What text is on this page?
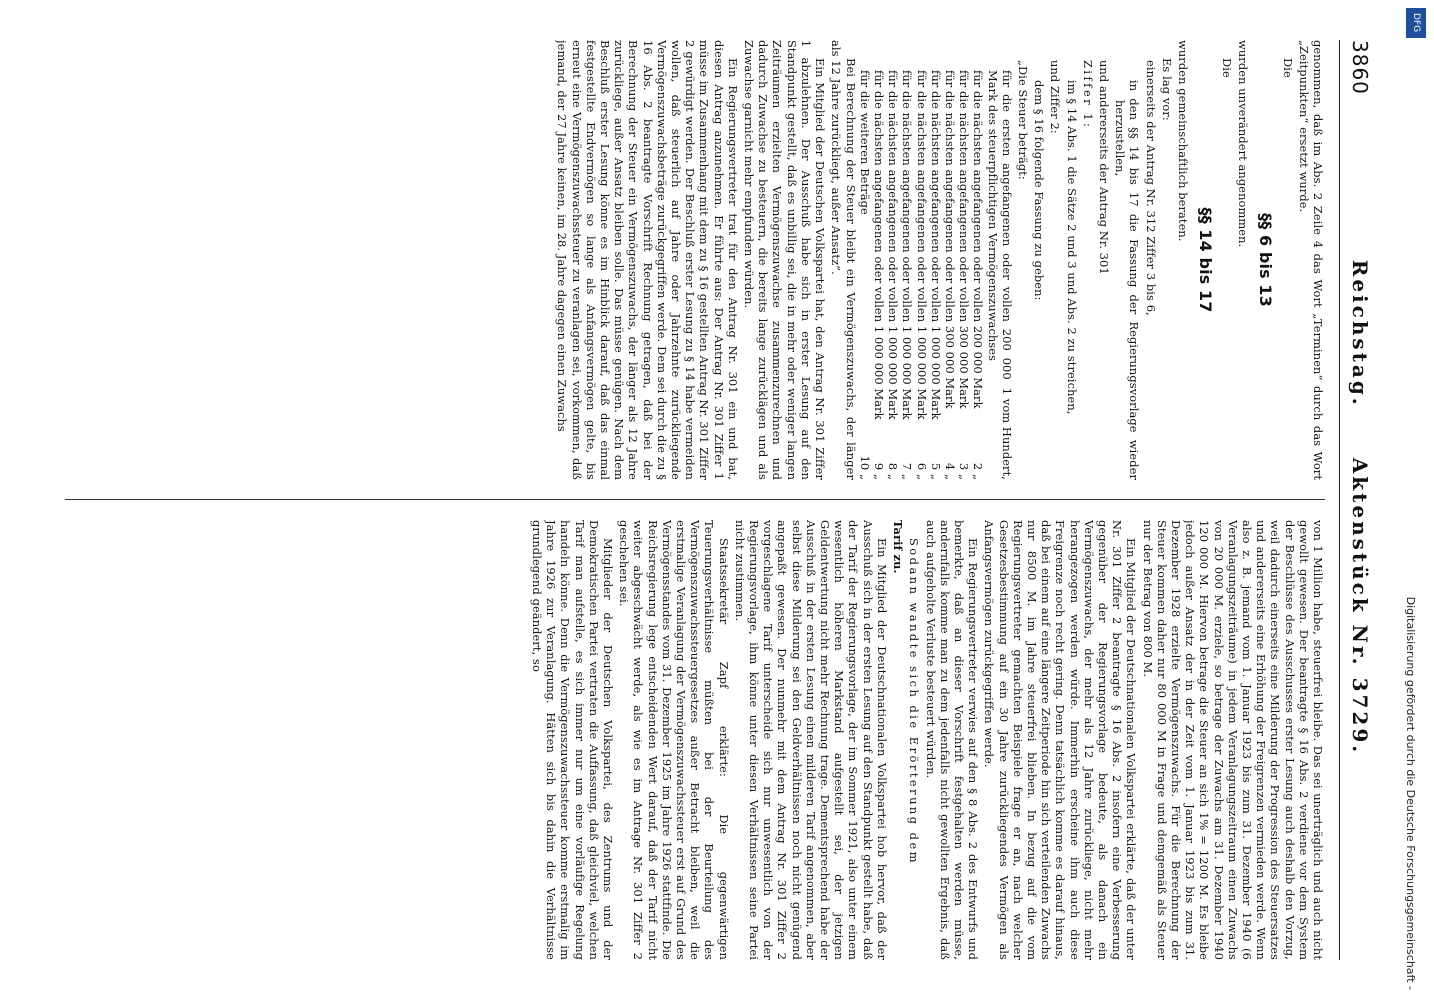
3860
Reichstag. Aktenstück Nr. 3729.

genommen, daß im Abs. 2 Zeile 4 das Wort „Terminen“ durch das Wort „Zeitpunkten“ ersetzt wurde.

Die

§§ 6 bis 13

wurden unverändert angenommen.

Die

§§ 14 bis 17

wurden gemeinschaftlich beraten.

Es lag vor:

einerseits der Antrag Nr. 312 Ziffer 3 bis 6,

in den §§ 14 bis 17 die Fassung der Regierungsvorlage wieder herzustellen,

und andererseits der Antrag Nr. 301

Ziffer 1:

im § 14 Abs. 1 die Sätze 2 und 3 und Abs. 2 zu streichen,

und Ziffer 2:

dem § 16 folgende Fassung zu geben:

„Die Steuer beträgt:

für die ersten angefangenen oder vollen 200 000 Mark des steuerpflichtigen Vermögenszuwachses
1 vom Hundert,
für die nächsten angefangenen oder vollen 200 000 Mark
2 „
für die nächsten angefangenen oder vollen 300 000 Mark
3 „
für die nächsten angefangenen oder vollen 300 000 Mark
4 „
für die nächsten angefangenen oder vollen 1 000 000 Mark
5 „
für die nächsten angefangenen oder vollen 1 000 000 Mark
6 „
für die nächsten angefangenen oder vollen 1 000 000 Mark
7 „
für die nächsten angefangenen oder vollen 1 000 000 Mark
8 „
für die nächsten angefangenen oder vollen 1 000 000 Mark
9 „
für die weiteren Beträge
10 „

Bei Berechnung der Steuer bleibt ein Vermögenszuwachs, der länger als 12 Jahre zurückliegt, außer Ansatz“.

Ein Mitglied der Deutschen Volkspartei hat, den Antrag Nr. 301 Ziffer 1 abzulehnen. Der Ausschuß habe sich in erster Lesung auf den Standpunkt gestellt, daß es unbillig sei, die in mehr oder weniger langen Zeiträumen erzielten Vermögenszuwachse zusammenzurechnen und dadurch Zuwachse zu besteuern, die bereits lange zurücklägen und als Zuwachse garnicht mehr empfunden würden.

Ein Regierungsvertreter trat für den Antrag Nr. 301 ein und bat, diesen Antrag anzunehmen. Er führte aus: Der Antrag Nr. 301 Ziffer 1 müsse im Zusammenhang mit dem zu § 16 gestellten Antrag Nr. 301 Ziffer 2 gewürdigt werden. Der Beschluß erster Lesung zu § 14 habe vermeiden wollen, daß steuerlich auf Jahre oder Jahrzehnte zurückliegende Vermögenszuwachsbeträge zurückgegriffen werde. Dem sei durch die zu § 16 Abs. 2 beantragte Vorschrift Rechnung getragen, daß bei der Berechnung der Steuer ein Vermögenszuwachs, der länger als 12 Jahre zurückliege, außer Ansatz bleiben solle. Das müsse genügen. Nach dem Beschluß erster Lesung könne es im Hinblick darauf, daß das einmal festgestellte Endvermögen so lange als Anfangsvermögen gelte, bis erneut eine Vermögenszuwachssteuer zu veranlagen sei, vorkommen, daß jemand, der 27 Jahre keinen, im 28. Jahre dagegen einen Zuwachs

von 1 Million habe, steuerfrei bleibe. Das sei unerträglich und auch nicht gewollt gewesen. Der beantragte § 16 Abs. 2 verdiene vor dem System der Beschlüsse des Ausschusses erster Lesung auch deshalb den Vorzug, weil dadurch einerseits eine Milderung der Progression des Steuersatzes und andererseits eine Erhöhung der Freigrenzen vermieden werde. Wenn also z. B. jemand vom 1. Januar 1923 bis zum 31. Dezember 1940 (6 Veranlagungszeiträume) in jedem Veranlagungszeitraum einen Zuwachs von 20 000 M. erziele, so betrage der Zuwachs am 31. Dezember 1940 120 000 M. Hiervon betrage die Steuer an sich 1% = 1200 M. Es bleibe jedoch außer Ansatz der in der Zeit vom 1. Januar 1923 bis zum 31. Dezember 1928 erzielte Vermögenszuwachs. Für die Berechnung der Steuer kommen daher nur 80 000 M in Frage und demgemäß als Steuer nur der Betrag von 800 M.

Ein Mitglied der Deutschnationalen Volkspartei erklärte, daß der unter Nr. 301 Ziffer 2 beantragte § 16 Abs. 2 insofern eine Verbesserung gegenüber der Regierungsvorlage bedeute, als danach ein Vermögenszuwachs, der mehr als 12 Jahre zurückliege, nicht mehr herangezogen werden würde. Immerhin erscheine ihm auch diese Freigrenze noch recht gering. Denn tatsächlich komme es darauf hinaus, daß bei einem auf eine längere Zeitperiode hin sich verteilenden Zuwachs nur 8500 M. im Jahre steuerfrei blieben. In bezug auf die vom Regierungsvertreter gemachten Beispiele frage er an, nach welcher Gesetzesbestimmung auf ein 30 Jahre zurückliegendes Vermögen als Anfangsvermögen zurückgegriffen werde.

Ein Regierungsvertreter verwies auf den § 8 Abs. 2 des Entwurfs und bemerkte, daß an dieser Vorschrift festgehalten werden müsse, andernfalls komme man zu dem jedenfalls nicht gewollten Ergebnis, daß auch aufgeholte Verluste besteuert würden.

Sodann wandte sich die Erörterung dem

Tarif zu.

Ein Mitglied der Deutschnationalen Volkspartei hob hervor, daß der Ausschuß sich in der ersten Lesung auf den Standpunkt gestellt habe, daß der Tarif der Regierungsvorlage, der im Sommer 1921, also unter einem wesentlich höheren Markstand aufgestellt sei, der jetzigen Geldentwertung nicht mehr Rechnung trage. Dementsprechend habe der Ausschuß in der ersten Lesung einen milderen Tarif angenommen, aber selbst diese Milderung sei den Geldverhältnissen noch nicht genügend angepaßt gewesen. Der nunmehr mit dem Antrag Nr. 301 Ziffer 2 vorgeschlagene Tarif unterscheide sich nur unwesentlich von der Regierungsvorlage, ihm könne unter diesen Verhältnissen seine Partei nicht zustimmen.

Staatssekretär Zapf erklärte: Die gegenwärtigen Teuerungsverhältnisse müßten bei der Beurteilung des Vermögenszuwachssteuergesetzes außer Betracht bleiben, weil die erstmalige Veranlagung der Vermögenszuwachssteuer erst auf Grund des Vermögensstandes vom 31. Dezember 1925 im Jahre 1926 stattfinde. Die Reichsregierung lege entscheidenden Wert darauf, daß der Tarif nicht weiter abgeschwächt werde, als wie es im Antrage Nr. 301 Ziffer 2 geschehen sei.

Mitglieder der Deutschen Volkspartei, des Zentrums und der Demokratischen Partei vertraten die Auffassung, daß gleichviel, welchen Tarif man aufstelle, es sich immer nur um eine vorläufige Regelung handeln könne. Denn die Vermögenszuwachssteuer komme erstmalig im Jahre 1926 zur Veranlagung. Hätten sich bis dahin die Verhältnisse grundlegend geändert, so

Digitalisierung gefördert durch die Deutsche Forschungsgemeinschaft -
DFG
